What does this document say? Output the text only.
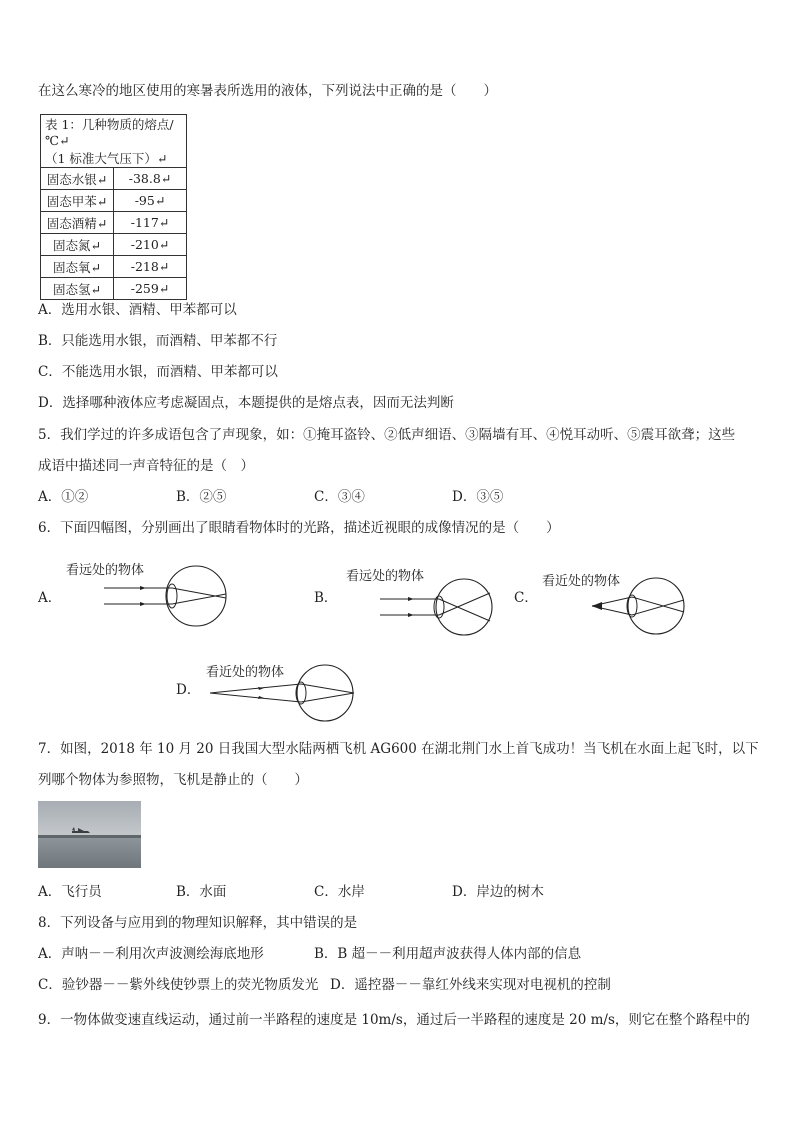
在这么寒冷的地区使用的寒暑表所选用的液体，下列说法中正确的是（　　）
表 1：几种物质的熔点/℃↵	
（1 标准大气压下）↵	
固态水银↵	-38.8↵
固态甲苯↵	-95↵
固态酒精↵	-117↵
固态氮↵	-210↵
固态氧↵	-218↵
固态氢↵	-259↵
A．选用水银、酒精、甲苯都可以
B．只能选用水银，而酒精、甲苯都不行
C．不能选用水银，而酒精、甲苯都可以
D．选择哪种液体应考虑凝固点，本题提供的是熔点表，因而无法判断
5．我们学过的许多成语包含了声现象，如：①掩耳盗铃、②低声细语、③隔墙有耳、④悦耳动听、⑤震耳欲聋；这些
成语中描述同一声音特征的是（　）
A．①②	B．②⑤	C．③④	D．③⑤
6．下面四幅图，分别画出了眼睛看物体时的光路，描述近视眼的成像情况的是（　　）
A．
看远处的物体
B．
看远处的物体
C．
看近处的物体
D．
看近处的物体
7．如图，2018 年 10 月 20 日我国大型水陆两栖飞机 AG600 在湖北荆门水上首飞成功！当飞机在水面上起飞时，以下
列哪个物体为参照物，飞机是静止的（　　）
A．飞行员	B．水面	C．水岸	D．岸边的树木
8．下列设备与应用到的物理知识解释，其中错误的是
A．声呐－－利用次声波测绘海底地形	B．B 超－－利用超声波获得人体内部的信息
C．验钞器－－紫外线使钞票上的荧光物质发光 D．遥控器－－靠红外线来实现对电视机的控制
9．一物体做变速直线运动，通过前一半路程的速度是 10m/s，通过后一半路程的速度是 20 m/s，则它在整个路程中的
